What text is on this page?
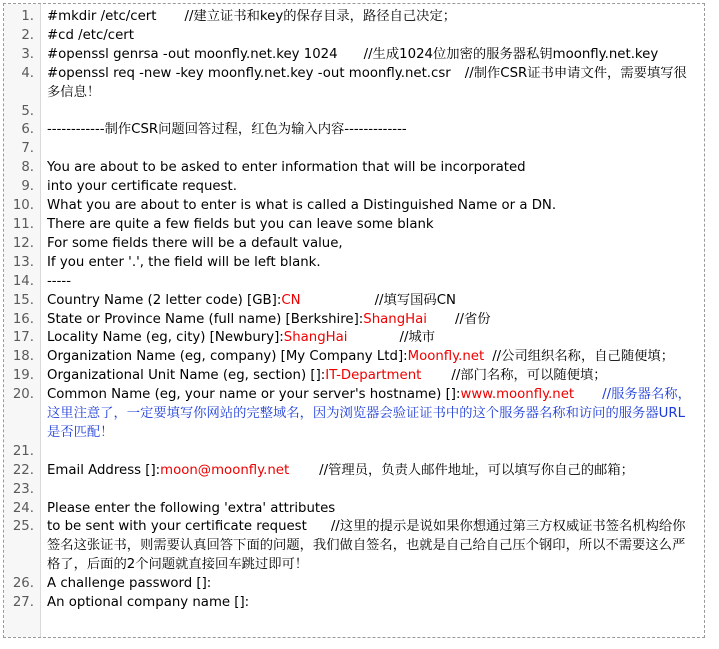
1. #mkdir /etc/cert //建立证书和key的保存目录，路径自己决定；
2. #cd /etc/cert
3. #openssl genrsa -out moonfly.net.key 1024 //生成1024位加密的服务器私钥moonfly.net.key
4. #openssl req -new -key moonfly.net.key -out moonfly.net.csr //制作CSR证书申请文件，需要填写很多信息！
5.

6. ------------制作CSR问题回答过程，红色为输入内容-------------
7.

8. You are about to be asked to enter information that will be incorporated
9. into your certificate request.
10. What you are about to enter is what is called a Distinguished Name or a DN.
11. There are quite a few fields but you can leave some blank
12. For some fields there will be a default value,
13. If you enter '.', the field will be left blank.
14. -----
15. Country Name (2 letter code) [GB]:CN	//填写国码CN
16. State or Province Name (full name) [Berkshire]:ShangHai //省份
17. Locality Name (eg, city) [Newbury]:ShangHai	//城市
18. Organization Name (eg, company) [My Company Ltd]:Moonfly.net //公司组织名称，自己随便填；
19. Organizational Unit Name (eg, section) []:IT-Department //部门名称，可以随便填；
20. Common Name (eg, your name or your server's hostname) []:www.moonfly.net //服务器名称，这里注意了，一定要填写你网站的完整域名，因为浏览器会验证证书中的这个服务器名称和访问的服务器URL是否匹配！
21.

22. Email Address []:moon@moonfly.net //管理员，负责人邮件地址，可以填写你自己的邮箱；
23.

24. Please enter the following 'extra' attributes
25. to be sent with your certificate request //这里的提示是说如果你想通过第三方权威证书签名机构给你签名这张证书，则需要认真回答下面的问题，我们做自签名，也就是自己给自己压个钢印，所以不需要这么严格了，后面的2个问题就直接回车跳过即可！
26. A challenge password []:
27. An optional company name []:
